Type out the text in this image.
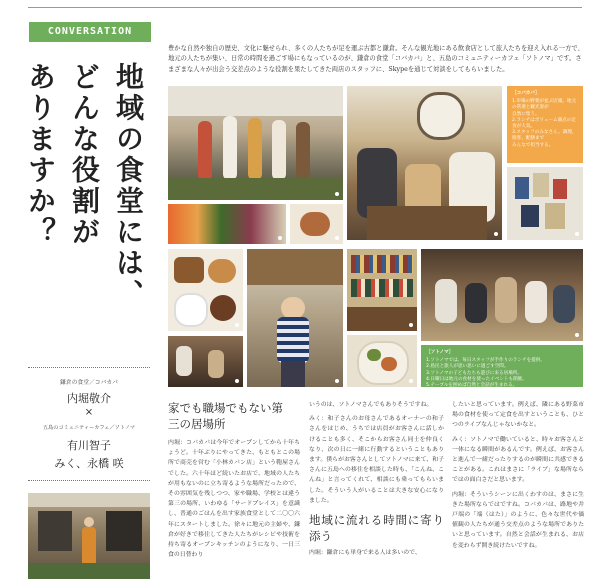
CONVERSATION
地域の食堂には、
どんな役割が
ありますか？

豊かな自然や独自の歴史、文化に魅せられ、多くの人たちが足を運ぶ古都と鎌倉。そんな観光地にある飲食店として旅人たちを迎え入れる一方で、地元の人たちが集い、日常の時間を過ごす場にもなっているのが、鎌倉の食堂「コバカバ」と、五島のコミュニティーカフェ「ソトノマ」です。さまざまな人々が出会う交差点のような役割を果たしてきた両店のスタッフに、Skypeを通じて対談をしてもらいました。

［コバカバ］
1.市場の野菜が並ぶ店頭。地元の常連と観光客が
自然に集う。
2.ランチはボリューム満点の定食が人気。
3.スタッフのみなさん。調理、接客、配膳まで
みんなで担当する。
［ソトノマ］
1.ソトノマでは、毎日スタッフが手作りのランチを提供。
2.島民と旅人が思い思いに過ごす空間。
3.ソトノマの子どもたちも遊びに来る居場所。
4.日曜日は地元の食材を使ったイベントも開催。
5.テーブルを囲めば自然と会話が生まれる。
鎌倉の食堂／コバカバ
内堀敬介
×
五島のコミュニティーカフェ／ソトノマ
有川智子
みく、永橋 咲
家でも職場でもない第三の居場所

内堀：コバカバは今年でオープンしてから十年ちょうど。十年ぶりにやってきた、もともとこの場所で商売を営む「小林カバン店」という鞄屋さんでした。六十年ほど続いたお店で、地域の人たちが用もないのに立ち寄るような場所だったので、その雰囲気を残しつつ、家や職場、学校とは違う第三の場所、いわゆる「サードプレイス」を意識し、普通のごはんを出す家族食堂として二〇〇六年にスタートしました。徐々に地元の主婦や、鎌倉が好きで移住してきた人たちがレシピや技術を持ち寄るオープンキッチンのようになり、一日三食の日替わり

いうのは、ソトノマさんでもありそうですね。

みく：和子さんのお母さんであるオーナーの和子さんをはじめ、うちでは店員がお客さんに話しかけることも多く、そこからお客さん同士を仲良くなり、次の日に一緒に行動するということもあります。僕らがお客さんとしてソトノマに来て、和子さんに五島への移住を相談した時も、「こんね、こんね」と言ってくれて、相談にも乗ってもらいました。そういう人がいることは大きな安心になりました。

地域に流れる時間に寄り添う

内堀：鎌倉にも単身で来る人は多いので、

したいと思っています。例えば、隣にある野菜市場の食材を使って定食を出すということも、ひとつのライブなんじゃないかなと。

みく：ソトノマで働いていると、時々お客さんと一体になる瞬間があるんです。例えば、お客さんと進んで一緒だったりするのが瞬間に共感できることがある。これはまさに「ライブ」な場所ならではの面白さだと思います。

内堀：そういうシーンに出くわすのは、まさに生きた場所ならではですね。コバカバは、路地や井戸端の「端（はた）」のように、色々な世代や価値観の人たちが通う交差点のような場所でありたいと思っています。自然と会話が生まれる、お店を変わらず開き続けたいですね。
